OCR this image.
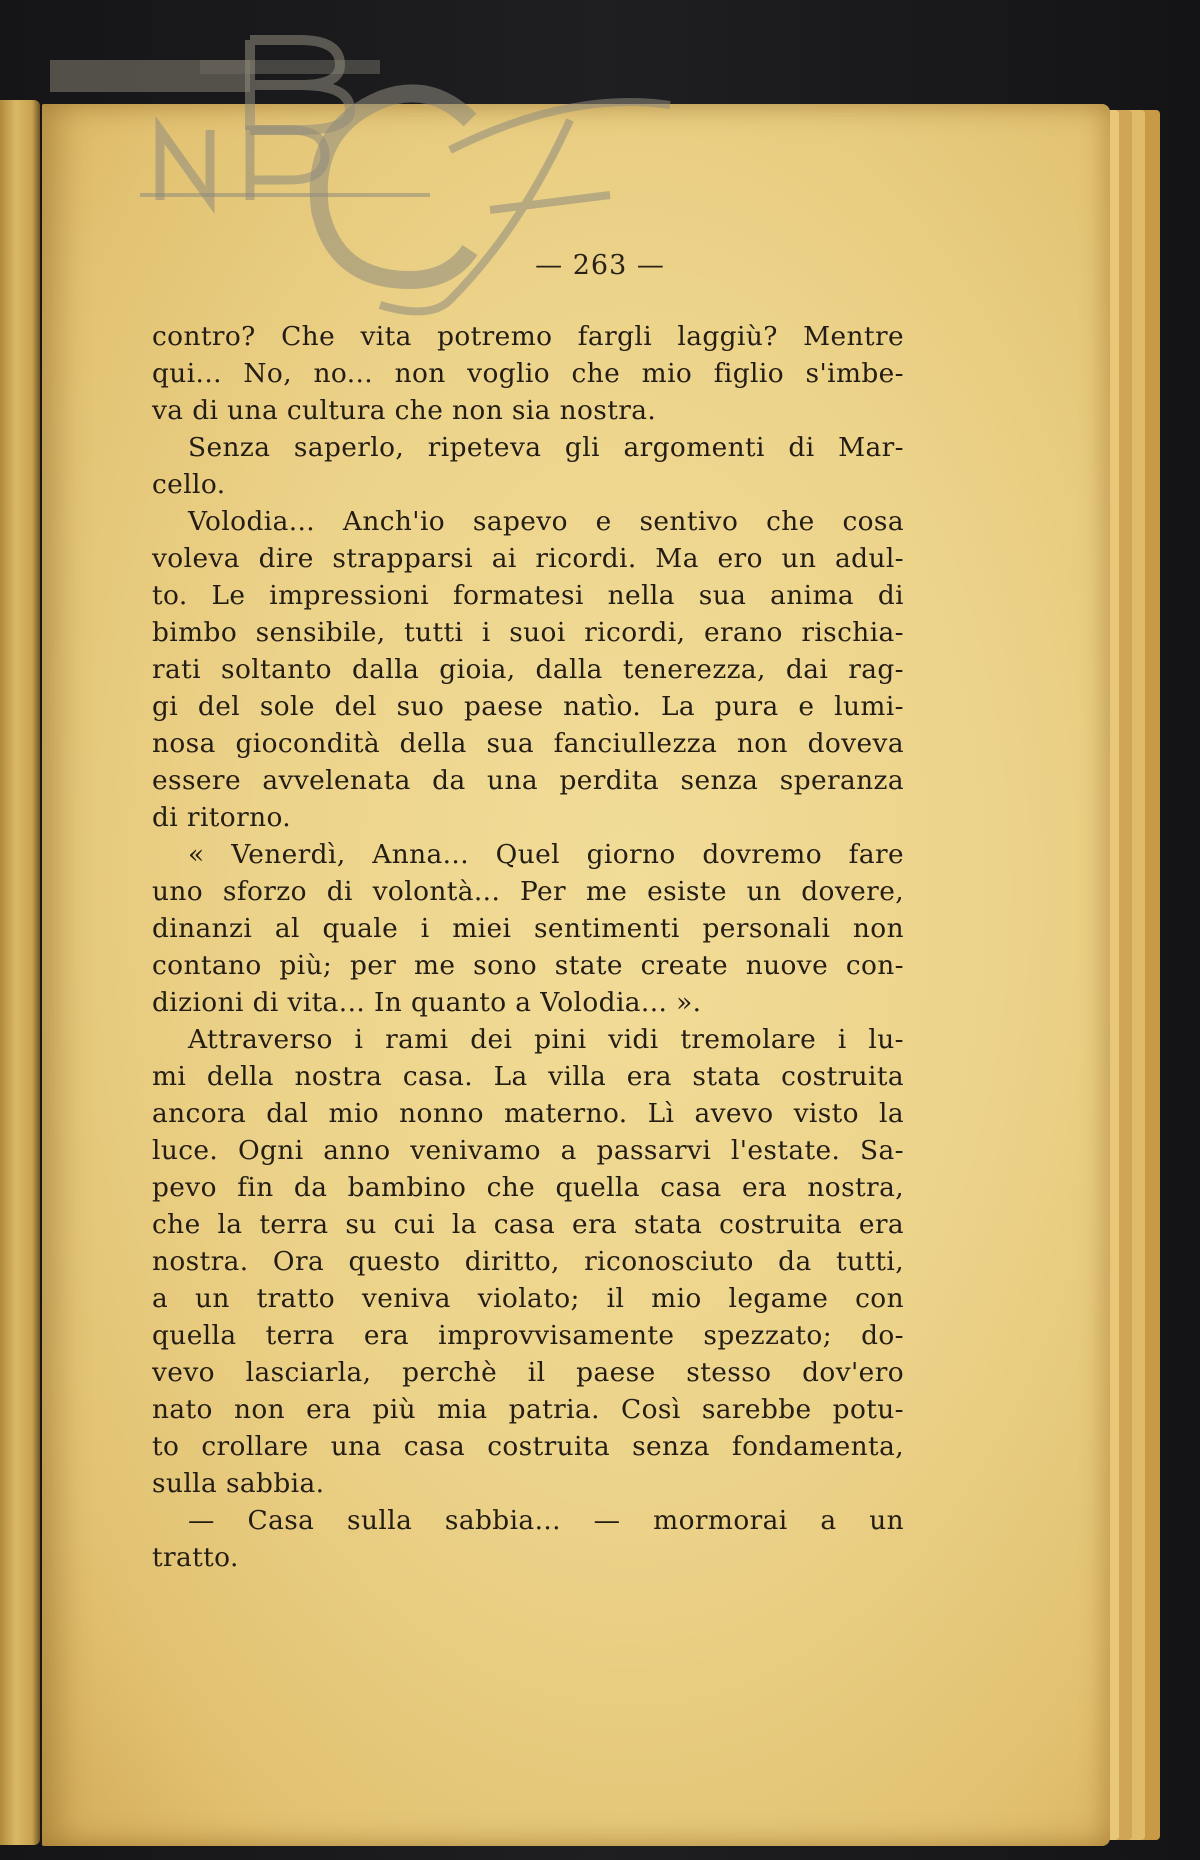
— 263 —
contro? Che vita potremo fargli laggiù? Mentre
qui... No, no... non voglio che mio figlio s'imbe-
va di una cultura che non sia nostra.
Senza saperlo, ripeteva gli argomenti di Mar-
cello.
Volodia... Anch'io sapevo e sentivo che cosa
voleva dire strapparsi ai ricordi. Ma ero un adul-
to. Le impressioni formatesi nella sua anima di
bimbo sensibile, tutti i suoi ricordi, erano rischia-
rati soltanto dalla gioia, dalla tenerezza, dai rag-
gi del sole del suo paese natìo. La pura e lumi-
nosa giocondità della sua fanciullezza non doveva
essere avvelenata da una perdita senza speranza
di ritorno.
« Venerdì, Anna... Quel giorno dovremo fare
uno sforzo di volontà... Per me esiste un dovere,
dinanzi al quale i miei sentimenti personali non
contano più; per me sono state create nuove con-
dizioni di vita... In quanto a Volodia... ».
Attraverso i rami dei pini vidi tremolare i lu-
mi della nostra casa. La villa era stata costruita
ancora dal mio nonno materno. Lì avevo visto la
luce. Ogni anno venivamo a passarvi l'estate. Sa-
pevo fin da bambino che quella casa era nostra,
che la terra su cui la casa era stata costruita era
nostra. Ora questo diritto, riconosciuto da tutti,
a un tratto veniva violato; il mio legame con
quella terra era improvvisamente spezzato; do-
vevo lasciarla, perchè il paese stesso dov'ero
nato non era più mia patria. Così sarebbe potu-
to crollare una casa costruita senza fondamenta,
sulla sabbia.
— Casa sulla sabbia... — mormorai a un
tratto.
